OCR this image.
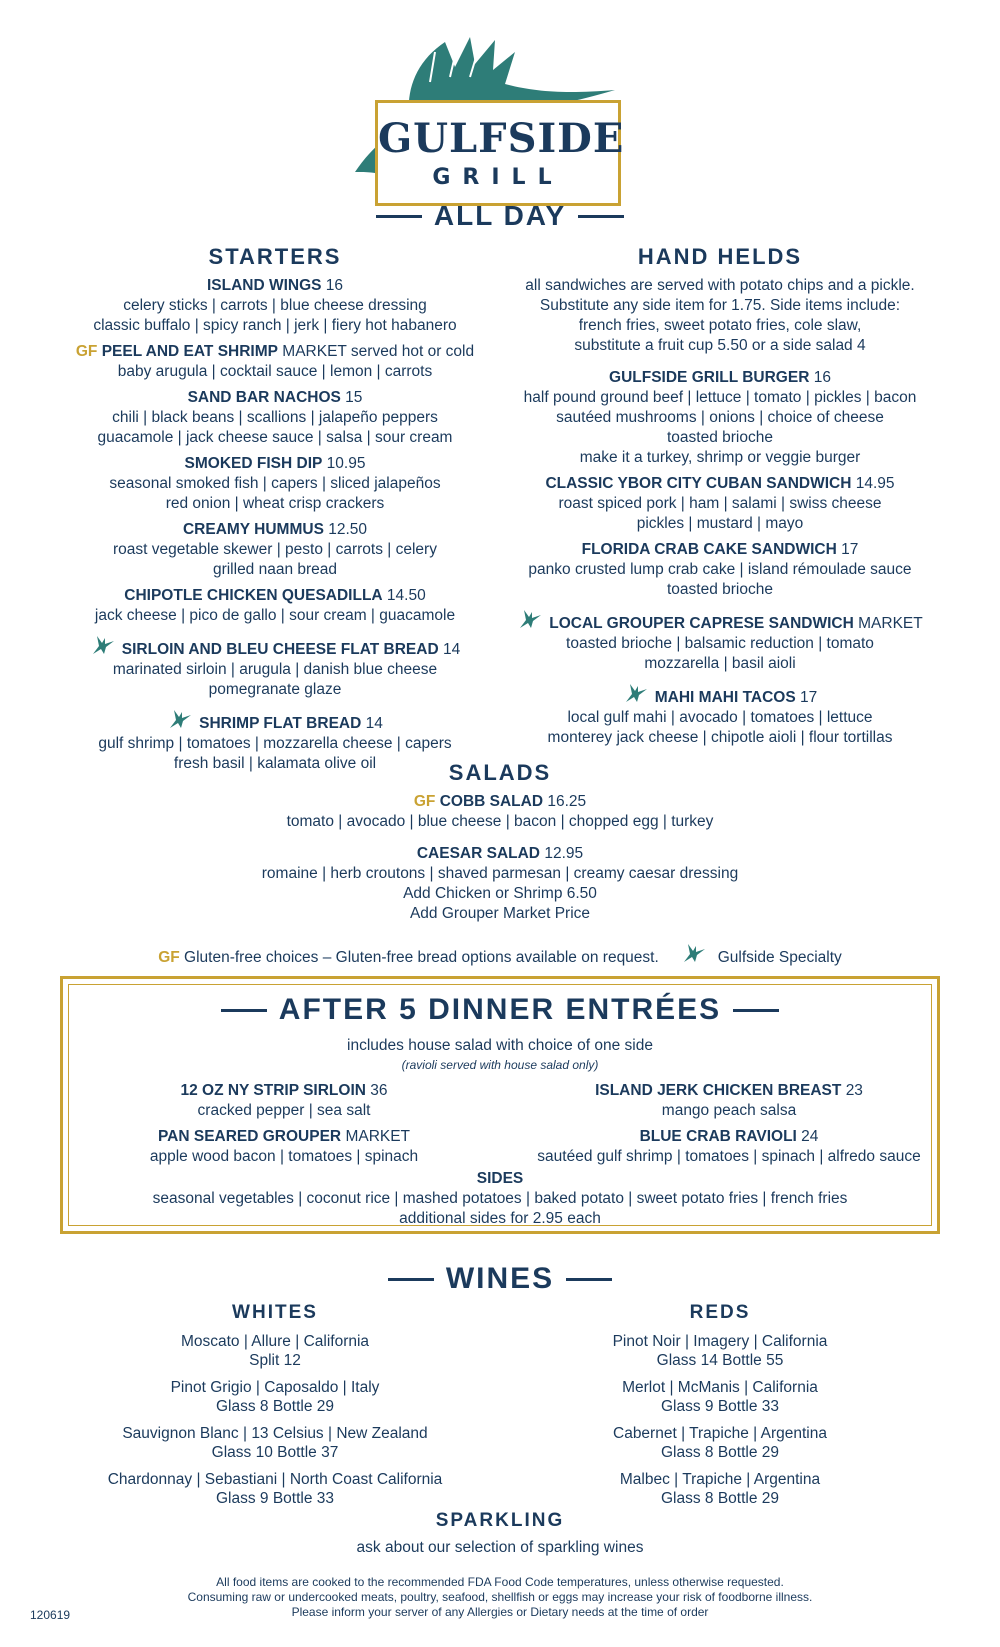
GULFSIDE
GRILL
ALL DAY
STARTERS
ISLAND WINGS 16
celery sticks | carrots | blue cheese dressing
classic buffalo | spicy ranch | jerk | fiery hot habanero
GF PEEL AND EAT SHRIMP MARKET served hot or cold
baby arugula | cocktail sauce | lemon | carrots
SAND BAR NACHOS 15
chili | black beans | scallions | jalapeño peppers
guacamole | jack cheese sauce | salsa | sour cream
SMOKED FISH DIP 10.95
seasonal smoked fish | capers | sliced jalapeños
red onion | wheat crisp crackers
CREAMY HUMMUS 12.50
roast vegetable skewer | pesto | carrots | celery
grilled naan bread
CHIPOTLE CHICKEN QUESADILLA 14.50
jack cheese | pico de gallo | sour cream | guacamole
SIRLOIN AND BLEU CHEESE FLAT BREAD 14
marinated sirloin | arugula | danish blue cheese
pomegranate glaze
SHRIMP FLAT BREAD 14
gulf shrimp | tomatoes | mozzarella cheese | capers
fresh basil | kalamata olive oil
HAND HELDS
all sandwiches are served with potato chips and a pickle.
Substitute any side item for 1.75. Side items include:
french fries, sweet potato fries, cole slaw,
substitute a fruit cup 5.50 or a side salad 4
GULFSIDE GRILL BURGER 16
half pound ground beef | lettuce | tomato | pickles | bacon
sautéed mushrooms | onions | choice of cheese
toasted brioche
make it a turkey, shrimp or veggie burger
CLASSIC YBOR CITY CUBAN SANDWICH 14.95
roast spiced pork | ham | salami | swiss cheese
pickles | mustard | mayo
FLORIDA CRAB CAKE SANDWICH 17
panko crusted lump crab cake | island rémoulade sauce
toasted brioche
LOCAL GROUPER CAPRESE SANDWICH MARKET
toasted brioche | balsamic reduction | tomato
mozzarella | basil aioli
MAHI MAHI TACOS 17
local gulf mahi | avocado | tomatoes | lettuce
monterey jack cheese | chipotle aioli | flour tortillas
SALADS
GF COBB SALAD 16.25
tomato | avocado | blue cheese | bacon | chopped egg | turkey
CAESAR SALAD 12.95
romaine | herb croutons | shaved parmesan | creamy caesar dressing
Add Chicken or Shrimp 6.50
Add Grouper Market Price
GF Gluten-free choices – Gluten-free bread options available on request.	Gulfside Specialty
AFTER 5 DINNER ENTRÉES
includes house salad with choice of one side
(ravioli served with house salad only)
12 OZ NY STRIP SIRLOIN 36
cracked pepper | sea salt
PAN SEARED GROUPER MARKET
apple wood bacon | tomatoes | spinach
ISLAND JERK CHICKEN BREAST 23
mango peach salsa
BLUE CRAB RAVIOLI 24
sautéed gulf shrimp | tomatoes | spinach | alfredo sauce
SIDES
seasonal vegetables | coconut rice | mashed potatoes | baked potato | sweet potato fries | french fries
additional sides for 2.95 each
WINES
WHITES
Moscato | Allure | California
Split 12
Pinot Grigio | Caposaldo | Italy
Glass 8 Bottle 29
Sauvignon Blanc | 13 Celsius | New Zealand
Glass 10 Bottle 37
Chardonnay | Sebastiani | North Coast California
Glass 9 Bottle 33
REDS
Pinot Noir | Imagery | California
Glass 14 Bottle 55
Merlot | McManis | California
Glass 9 Bottle 33
Cabernet | Trapiche | Argentina
Glass 8 Bottle 29
Malbec | Trapiche | Argentina
Glass 8 Bottle 29
SPARKLING
ask about our selection of sparkling wines
All food items are cooked to the recommended FDA Food Code temperatures, unless otherwise requested.
Consuming raw or undercooked meats, poultry, seafood, shellfish or eggs may increase your risk of foodborne illness.
Please inform your server of any Allergies or Dietary needs at the time of order
120619
